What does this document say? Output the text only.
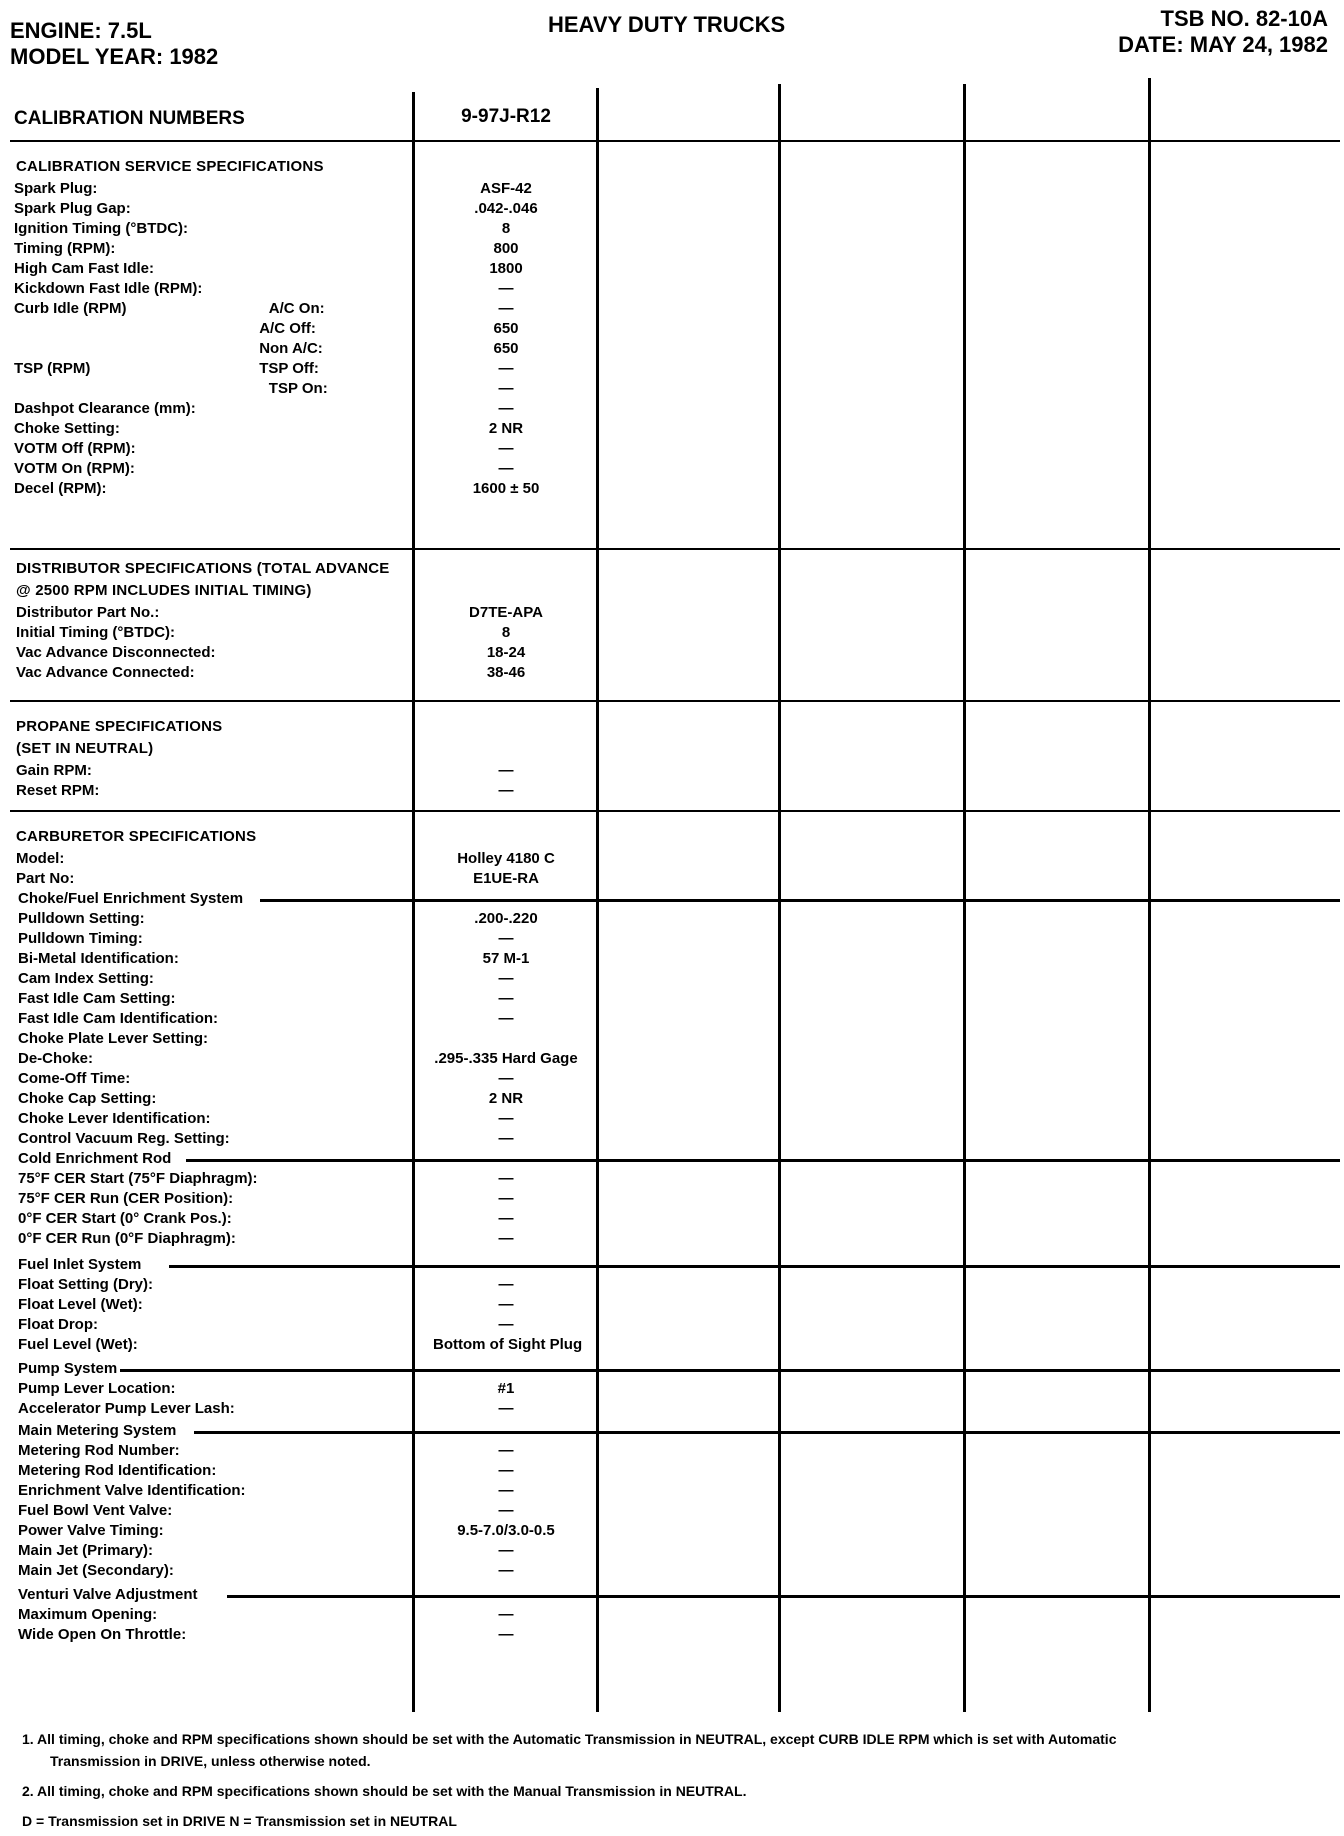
ENGINE: 7.5L
MODEL YEAR: 1982
HEAVY DUTY TRUCKS	TSB NO. 82-10A
DATE: MAY 24, 1982
CALIBRATION NUMBERS	9-97J-R12
CALIBRATION SERVICE SPECIFICATIONS
Spark Plug:	ASF-42
Spark Plug Gap:	.042-.046
Ignition Timing (°BTDC):	8
Timing (RPM):	800
High Cam Fast Idle:	1800
Kickdown Fast Idle (RPM):	—
Curb Idle (RPM)	A/C On:	—
A/C Off:	650
Non A/C:	650
TSP (RPM)	TSP Off:	—
TSP On:	—
Dashpot Clearance (mm):	—
Choke Setting:	2 NR
VOTM Off (RPM):	—
VOTM On (RPM):	—
Decel (RPM):	1600 ± 50
DISTRIBUTOR SPECIFICATIONS (TOTAL ADVANCE
@ 2500 RPM INCLUDES INITIAL TIMING)
Distributor Part No.:	D7TE-APA
Initial Timing (°BTDC):	8
Vac Advance Disconnected:	18-24
Vac Advance Connected:	38-46
PROPANE SPECIFICATIONS
(SET IN NEUTRAL)
Gain RPM:	—
Reset RPM:	—
CARBURETOR SPECIFICATIONS
Model:	Holley 4180 C
Part No:	E1UE-RA
Choke/Fuel Enrichment System
Pulldown Setting:	.200-.220
Pulldown Timing:	—
Bi-Metal Identification:	57 M-1
Cam Index Setting:	—
Fast Idle Cam Setting:	—
Fast Idle Cam Identification:	—
Choke Plate Lever Setting:
De-Choke:	.295-.335 Hard Gage
Come-Off Time:	—
Choke Cap Setting:	2 NR
Choke Lever Identification:	—
Control Vacuum Reg. Setting:	—
Cold Enrichment Rod
75°F CER Start (75°F Diaphragm):	—
75°F CER Run (CER Position):	—
0°F CER Start (0° Crank Pos.):	—
0°F CER Run (0°F Diaphragm):	—
Fuel Inlet System
Float Setting (Dry):	—
Float Level (Wet):	—
Float Drop:	—
Fuel Level (Wet):	Bottom of Sight Plug
Pump System
Pump Lever Location:	#1
Accelerator Pump Lever Lash:	—
Main Metering System
Metering Rod Number:	—
Metering Rod Identification:	—
Enrichment Valve Identification:	—
Fuel Bowl Vent Valve:	—
Power Valve Timing:	9.5-7.0/3.0-0.5
Main Jet (Primary):	—
Main Jet (Secondary):	—
Venturi Valve Adjustment
Maximum Opening:	—
Wide Open On Throttle:	—
1. All timing, choke and RPM specifications shown should be set with the Automatic Transmission in NEUTRAL, except CURB IDLE RPM which is set with Automatic
Transmission in DRIVE, unless otherwise noted.
2. All timing, choke and RPM specifications shown should be set with the Manual Transmission in NEUTRAL.
D = Transmission set in DRIVE N = Transmission set in NEUTRAL
